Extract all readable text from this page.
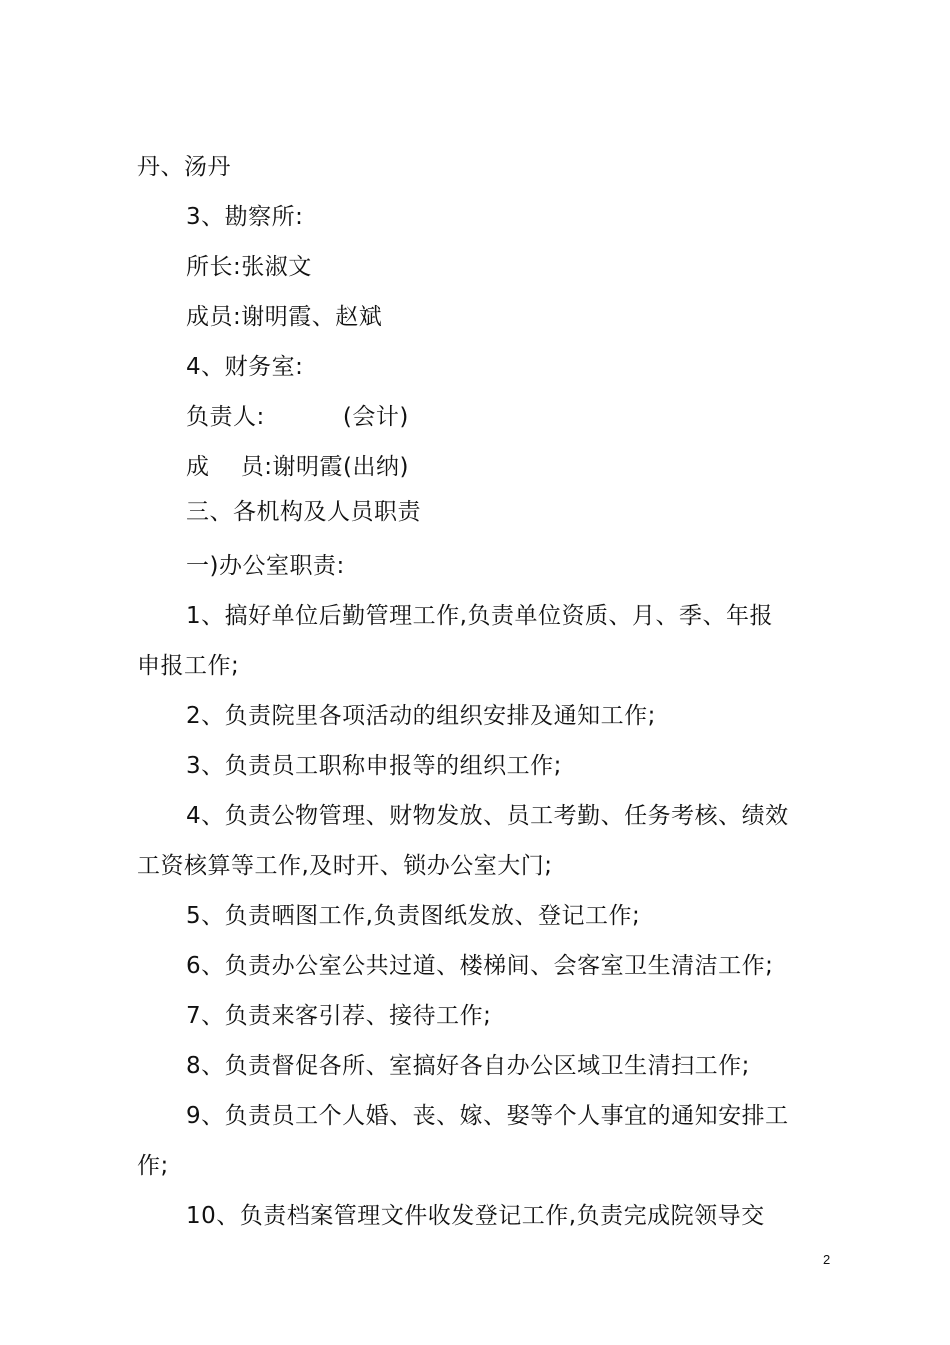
丹、汤丹
3、勘察所:
所长:张淑文
成员:谢明霞、赵斌
4、财务室:
负责人:          (会计)
成    员:谢明霞(出纳)
三、各机构及人员职责
一)办公室职责:
1、搞好单位后勤管理工作,负责单位资质、月、季、年报
申报工作;
2、负责院里各项活动的组织安排及通知工作;
3、负责员工职称申报等的组织工作;
4、负责公物管理、财物发放、员工考勤、任务考核、绩效
工资核算等工作,及时开、锁办公室大门;
5、负责晒图工作,负责图纸发放、登记工作;
6、负责办公室公共过道、楼梯间、会客室卫生清洁工作;
7、负责来客引荐、接待工作;
8、负责督促各所、室搞好各自办公区域卫生清扫工作;
9、负责员工个人婚、丧、嫁、娶等个人事宜的通知安排工
作;
10、负责档案管理文件收发登记工作,负责完成院领导交
2
